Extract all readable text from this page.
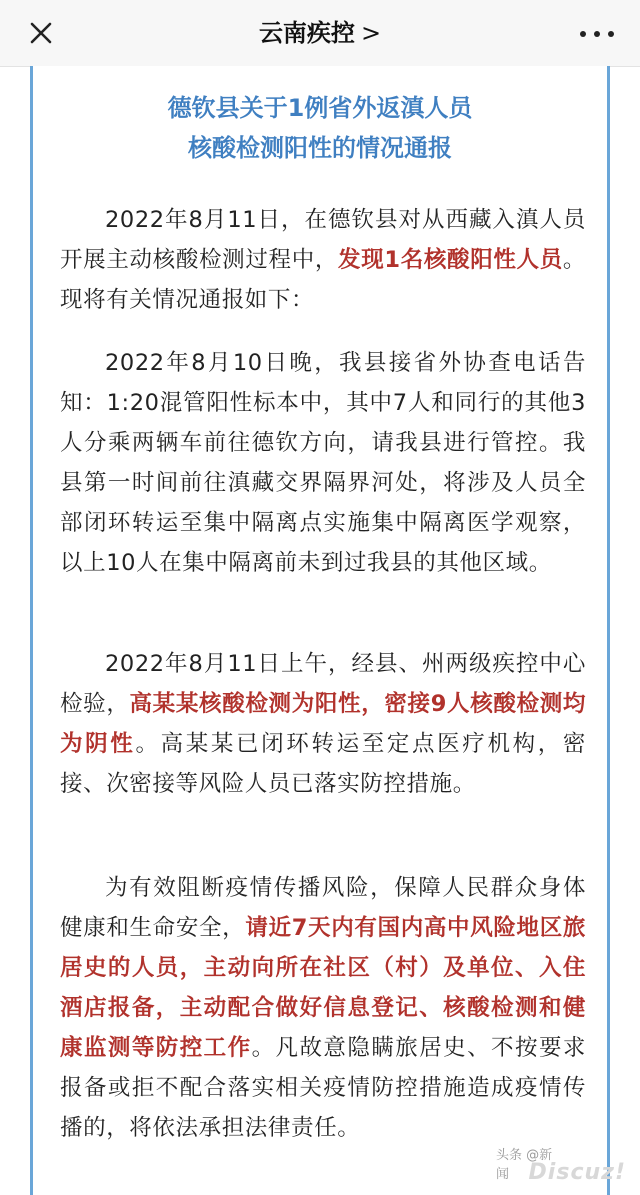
云南疾控 >
德钦县关于1例省外返滇人员
核酸检测阳性的情况通报

2022年8月11日，在德钦县对从西藏入滇人员开展主动核酸检测过程中，发现1名核酸阳性人员。现将有关情况通报如下：

2022年8月10日晚，我县接省外协查电话告知：1:20混管阳性标本中，其中7人和同行的其他3人分乘两辆车前往德钦方向，请我县进行管控。我县第一时间前往滇藏交界隔界河处，将涉及人员全部闭环转运至集中隔离点实施集中隔离医学观察，以上10人在集中隔离前未到过我县的其他区域。

2022年8月11日上午，经县、州两级疾控中心检验，高某某核酸检测为阳性，密接9人核酸检测均为阴性。高某某已闭环转运至定点医疗机构，密接、次密接等风险人员已落实防控措施。

为有效阻断疫情传播风险，保障人民群众身体健康和生命安全，请近7天内有国内高中风险地区旅居史的人员，主动向所在社区（村）及单位、入住酒店报备，主动配合做好信息登记、核酸检测和健康监测等防控工作。凡故意隐瞒旅居史、不按要求报备或拒不配合落实相关疫情防控措施造成疫情传播的，将依法承担法律责任。

头条 @新闻 Discuz!
